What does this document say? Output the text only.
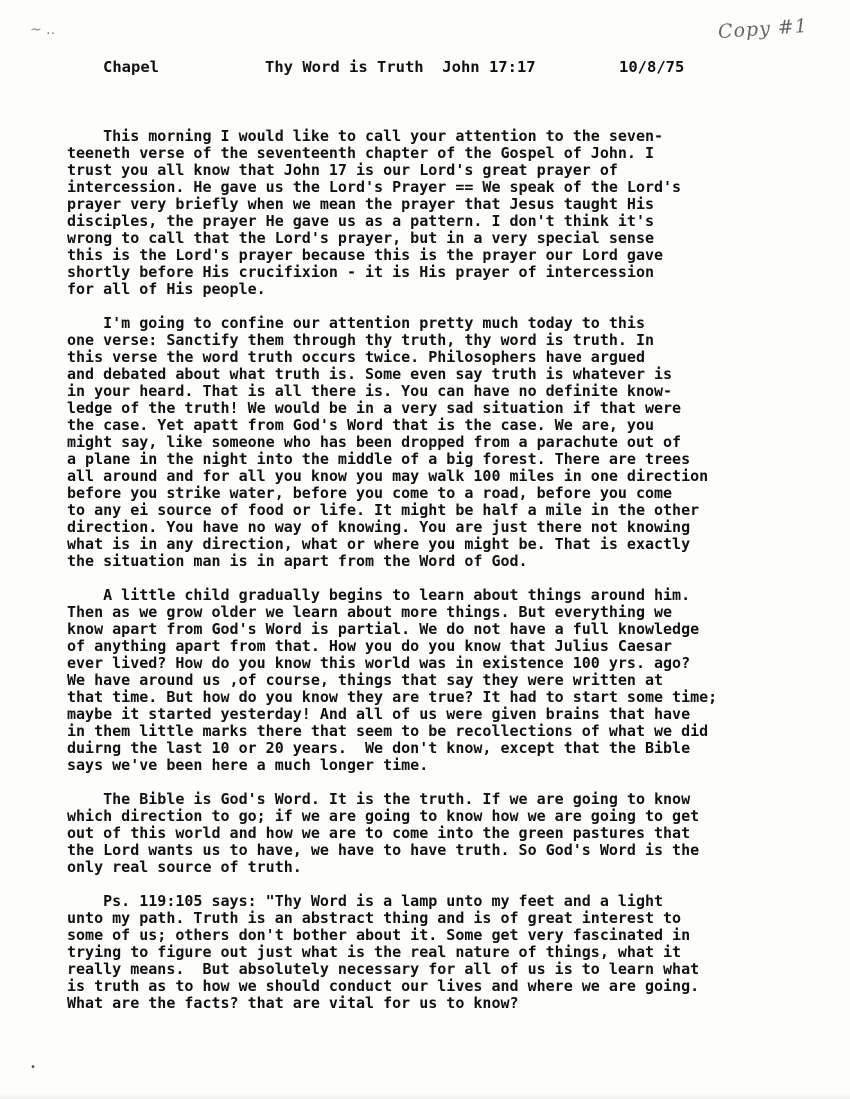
~ ..	Copy #1
Chapel	Thy Word is Truth  John 17:17	10/8/75
This morning I would like to call your attention to the seven-
teeneth verse of the seventeenth chapter of the Gospel of John. I
trust you all know that John 17 is our Lord's great prayer of
intercession. He gave us the Lord's Prayer == We speak of the Lord's
prayer very briefly when we mean the prayer that Jesus taught His
disciples, the prayer He gave us as a pattern. I don't think it's
wrong to call that the Lord's prayer, but in a very special sense
this is the Lord's prayer because this is the prayer our Lord gave
shortly before His crucifixion - it is His prayer of intercession
for all of His people.
I'm going to confine our attention pretty much today to this
one verse: Sanctify them through thy truth, thy word is truth. In
this verse the word truth occurs twice. Philosophers have argued
and debated about what truth is. Some even say truth is whatever is
in your heard. That is all there is. You can have no definite know-
ledge of the truth! We would be in a very sad situation if that were
the case. Yet apatt from God's Word that is the case. We are, you
might say, like someone who has been dropped from a parachute out of
a plane in the night into the middle of a big forest. There are trees
all around and for all you know you may walk 100 miles in one direction
before you strike water, before you come to a road, before you come
to any ei source of food or life. It might be half a mile in the other
direction. You have no way of knowing. You are just there not knowing
what is in any direction, what or where you might be. That is exactly
the situation man is in apart from the Word of God.
A little child gradually begins to learn about things around him.
Then as we grow older we learn about more things. But everything we
know apart from God's Word is partial. We do not have a full knowledge
of anything apart from that. How you do you know that Julius Caesar
ever lived? How do you know this world was in existence 100 yrs. ago?
We have around us ,of course, things that say they were written at
that time. But how do you know they are true? It had to start some time;
maybe it started yesterday! And all of us were given brains that have
in them little marks there that seem to be recollections of what we did
duirng the last 10 or 20 years.  We don't know, except that the Bible
says we've been here a much longer time.
The Bible is God's Word. It is the truth. If we are going to know
which direction to go; if we are going to know how we are going to get
out of this world and how we are to come into the green pastures that
the Lord wants us to have, we have to have truth. So God's Word is the
only real source of truth.
Ps. 119:105 says: "Thy Word is a lamp unto my feet and a light
unto my path. Truth is an abstract thing and is of great interest to
some of us; others don't bother about it. Some get very fascinated in
trying to figure out just what is the real nature of things, what it
really means.  But absolutely necessary for all of us is to learn what
is truth as to how we should conduct our lives and where we are going.
What are the facts? that are vital for us to know?
•
